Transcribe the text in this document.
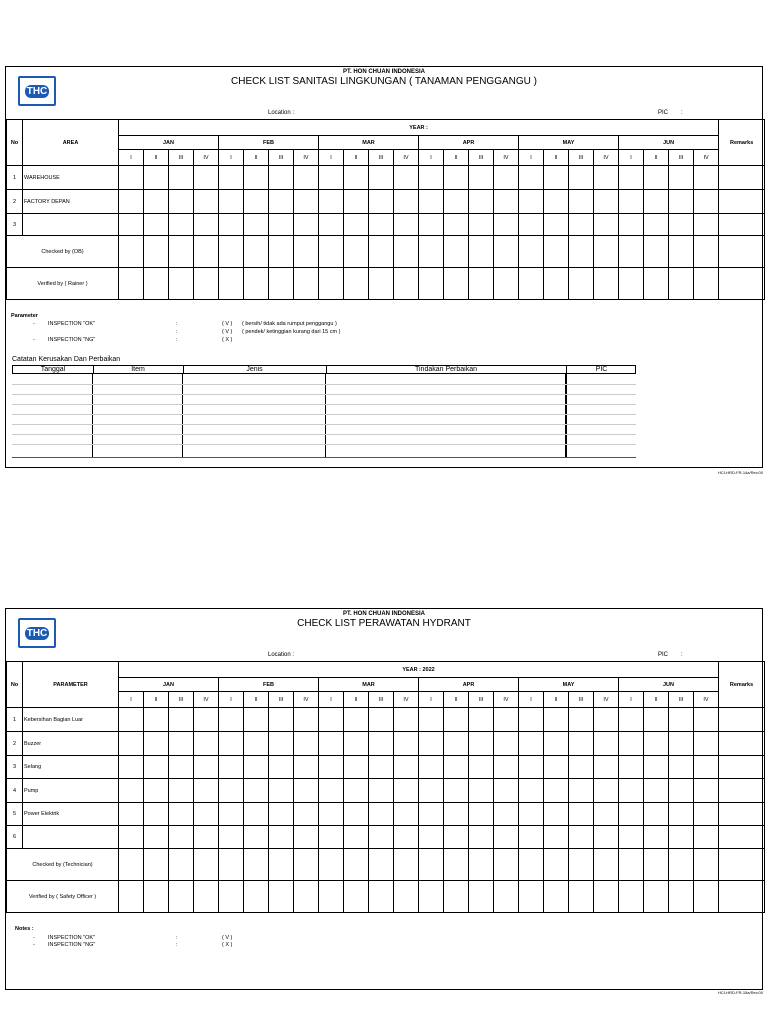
THC
PT. HON CHUAN INDONESIA
CHECK LIST SANITASI LINGKUNGAN ( TANAMAN PENGGANGU )
Location :	PIC :
No	AREA	YEAR :																								Remarks
		JAN				FEB				MAR				APR				MAY				JUN				
		I	II	III	IV	I	II	III	IV	I	II	III	IV	I	II	III	IV	I	II	III	IV	I	II	III	IV	
1	WAREHOUSE																									
2	FACTORY DEPAN																									
3																										
Checked by (OB)																										
Verified by ( Rainer )																										
Parameter
- INSPECTION "OK"	:	( V ) ( bersih/ tidak ada rumput penggangu )
:	( V ) ( pendek/ ketinggian kurang dari 15 cm )
- INSPECTION "NG"	:	( X )
Catatan Kerusakan Dan Perbaikan
Tanggal	Item	Jenis	Tindakan Perbaikan	PIC
HCI-HRD-FR-14a/Rev.00
THC
PT. HON CHUAN INDONESIA
CHECK LIST PERAWATAN HYDRANT
Location :	PIC :
No	PARAMETER	YEAR : 2022																								Remarks
		JAN				FEB				MAR				APR				MAY				JUN				
		I	II	III	IV	I	II	III	IV	I	II	III	IV	I	II	III	IV	I	II	III	IV	I	II	III	IV	
1	Kebersihan Bagian Luar																									
2	Buzzer																									
3	Selang																									
4	Pump																									
5	Power Elektrik																									
6																										
Checked by (Technician)																										
Verified by ( Safety Officer )																										
Notes :
- INSPECTION "OK"	:	( V )
- INSPECTION "NG"	:	( X )
HCI-HRD-FR-15a/Rev.00
